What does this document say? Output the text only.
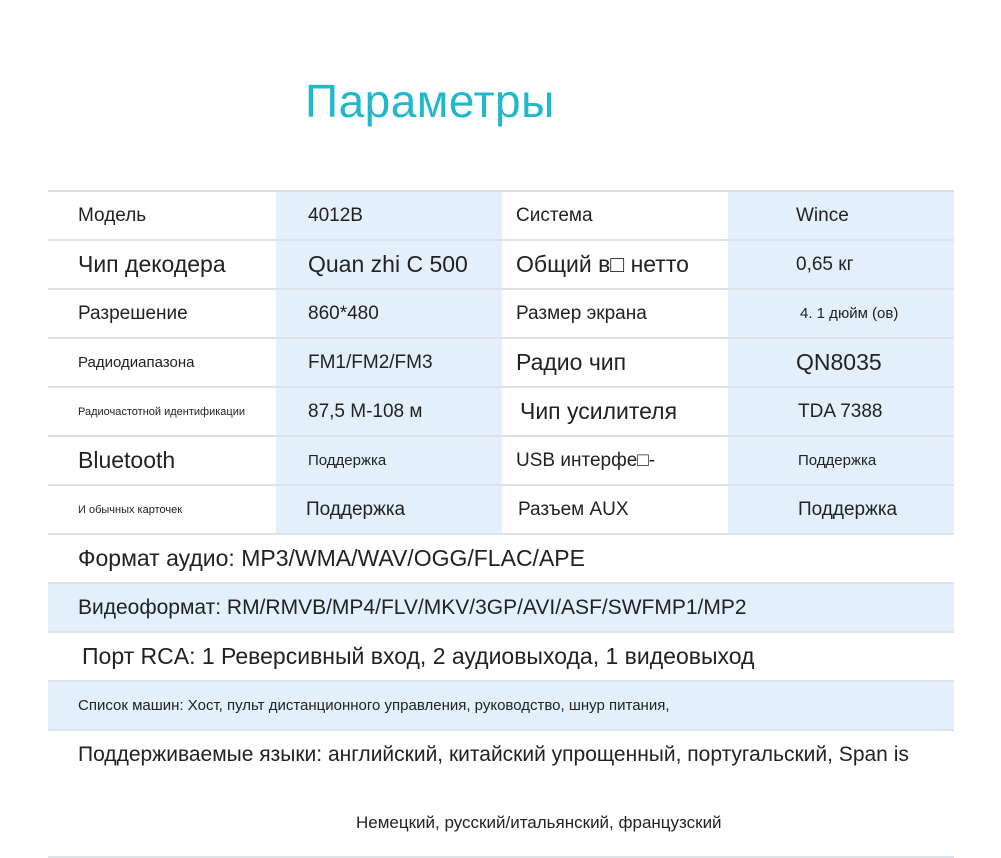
Параметры
Модель	4012B	Система	Wince
Чип декодера	Quan zhi C 500	Общий в□ нетто	0,65 кг
Разрешение	860*480	Размер экрана	4. 1 дюйм (ов)
Радиодиапазона	FM1/FM2/FM3	Радио чип	QN8035
Радиочастотной идентификации	87,5 M-108 м	Чип усилителя	TDA 7388
Bluetooth	Поддержка	USB интерфе□-	Поддержка
И обычных карточек	Поддержка	Разъем AUX	Поддержка
Формат аудио: MP3/WMA/WAV/OGG/FLAC/APE
Видеоформат: RM/RMVB/MP4/FLV/MKV/3GP/AVI/ASF/SWFMP1/MP2
Порт RCA: 1 Реверсивный вход, 2 аудиовыхода, 1 видеовыход
Список машин: Хост, пульт дистанционного управления, руководство, шнур питания,
Поддерживаемые языки: английский, китайский упрощенный, португальский, Span is
Немецкий, русский/итальянский, французский
